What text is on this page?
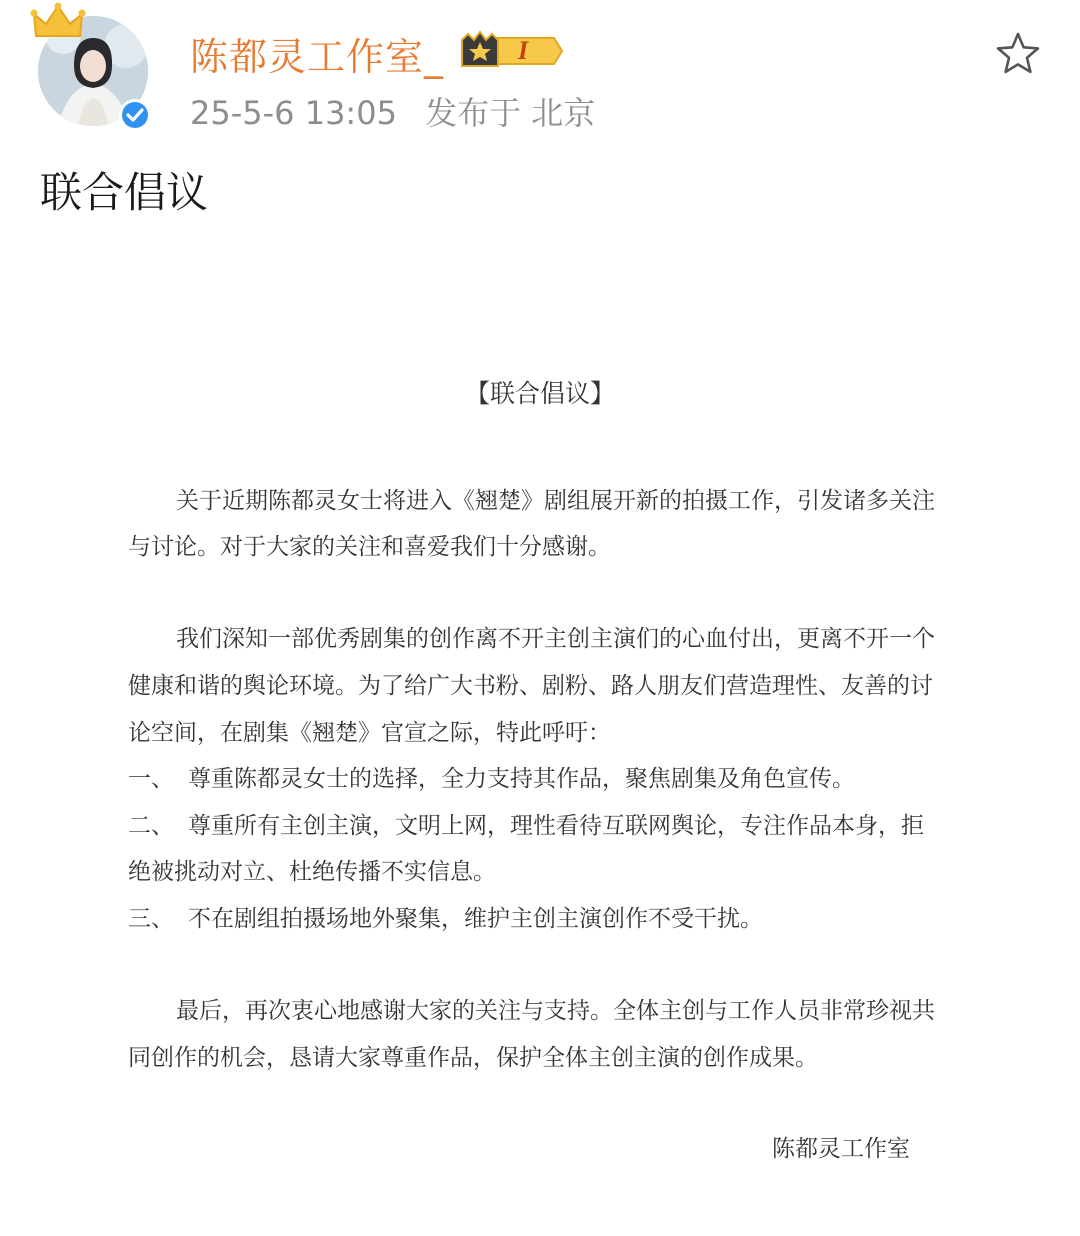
陈都灵工作室_	I
25-5-6 13:05 发布于 北京
联合倡议
【联合倡议】
关于近期陈都灵女士将进入《翘楚》剧组展开新的拍摄工作，引发诸多关注
与讨论。对于大家的关注和喜爱我们十分感谢。
我们深知一部优秀剧集的创作离不开主创主演们的心血付出，更离不开一个
健康和谐的舆论环境。为了给广大书粉、剧粉、路人朋友们营造理性、友善的讨
论空间，在剧集《翘楚》官宣之际，特此呼吁：
一、 尊重陈都灵女士的选择，全力支持其作品，聚焦剧集及角色宣传。
二、 尊重所有主创主演，文明上网，理性看待互联网舆论，专注作品本身，拒
绝被挑动对立、杜绝传播不实信息。
三、 不在剧组拍摄场地外聚集，维护主创主演创作不受干扰。
最后，再次衷心地感谢大家的关注与支持。全体主创与工作人员非常珍视共
同创作的机会，恳请大家尊重作品，保护全体主创主演的创作成果。
陈都灵工作室
